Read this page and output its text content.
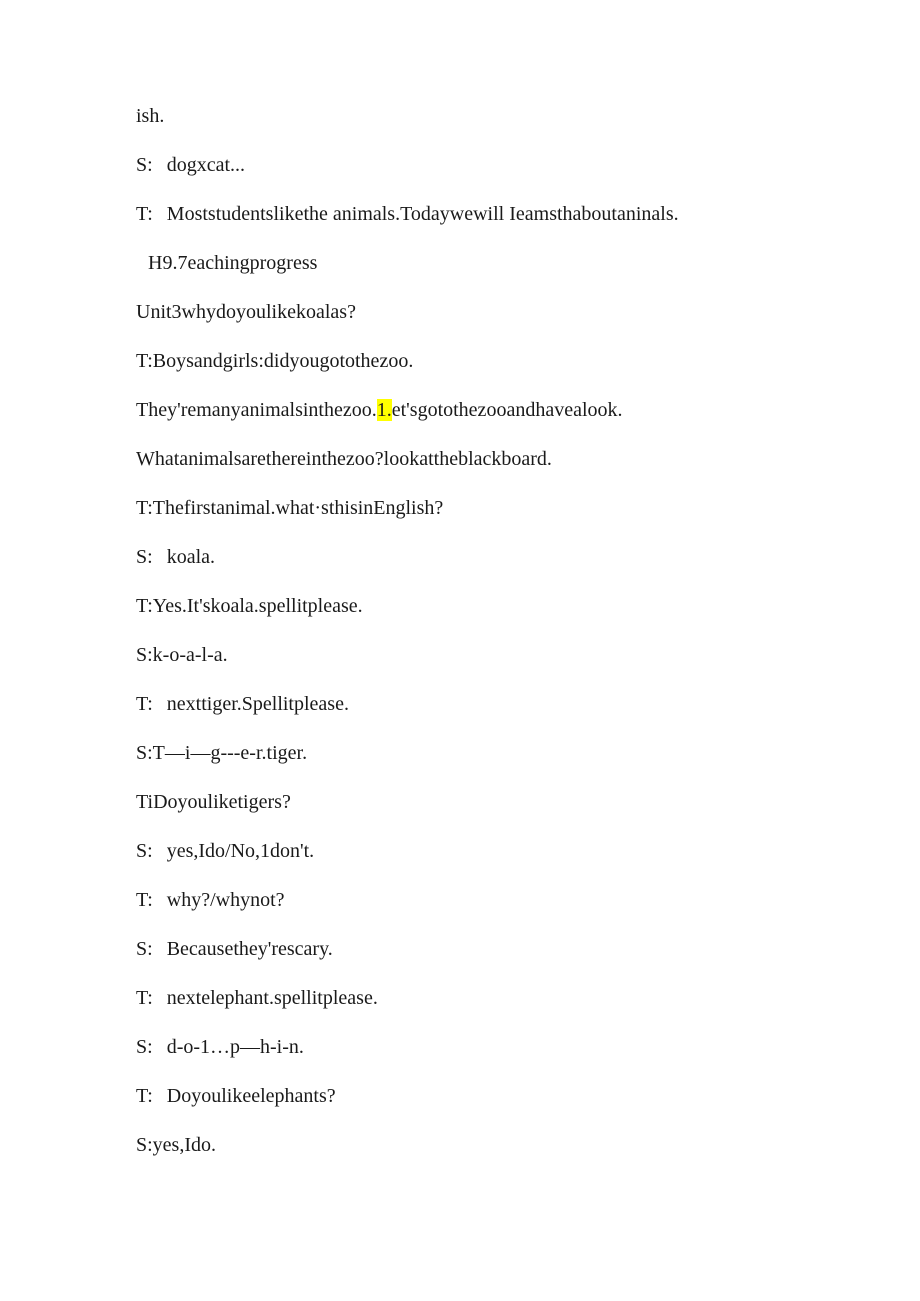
ish.
S: dogxcat...
T: Moststudentslikethe animals.Todaywewill Ieamsthaboutaninals.
H9.7eachingprogress
Unit3whydoyoulikekoalas?
T:Boysandgirls:didyougotothezoo.
They'remanyanimalsinthezoo.1.et'sgotothezooandhavealook.
Whatanimalsarethereinthezoo?lookattheblackboard.
T:Thefirstanimal.what·sthisinEnglish?
S: koala.
T:Yes.It'skoala.spellitplease.
S:k-o-a-l-a.
T: nexttiger.Spellitplease.
S:T—i—g---e-r.tiger.
TiDoyouliketigers?
S: yes,Ido/No,1don't.
T: why?/whynot?
S: Becausethey'rescary.
T: nextelephant.spellitplease.
S: d-o-1…p—h-i-n.
T: Doyoulikeelephants?
S:yes,Ido.
